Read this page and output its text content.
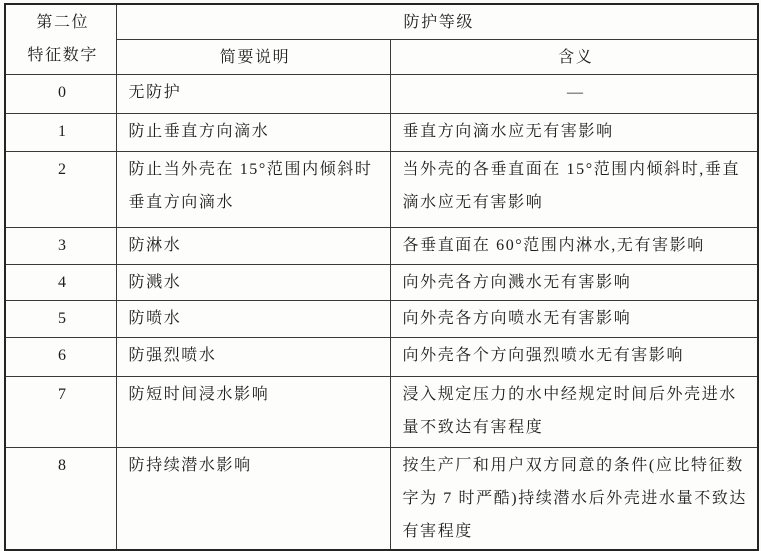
第二位
特征数字	防护等级	
	简要说明	含义
0	无防护	—
1	防止垂直方向滴水	垂直方向滴水应无有害影响
2	防止当外壳在 15°范围内倾斜时垂直方向滴水	当外壳的各垂直面在 15°范围内倾斜时,垂直滴水应无有害影响
3	防淋水	各垂直面在 60°范围内淋水,无有害影响
4	防溅水	向外壳各方向溅水无有害影响
5	防喷水	向外壳各方向喷水无有害影响
6	防强烈喷水	向外壳各个方向强烈喷水无有害影响
7	防短时间浸水影响	浸入规定压力的水中经规定时间后外壳进水量不致达有害程度
8	防持续潜水影响	按生产厂和用户双方同意的条件(应比特征数字为 7 时严酷)持续潜水后外壳进水量不致达有害程度
